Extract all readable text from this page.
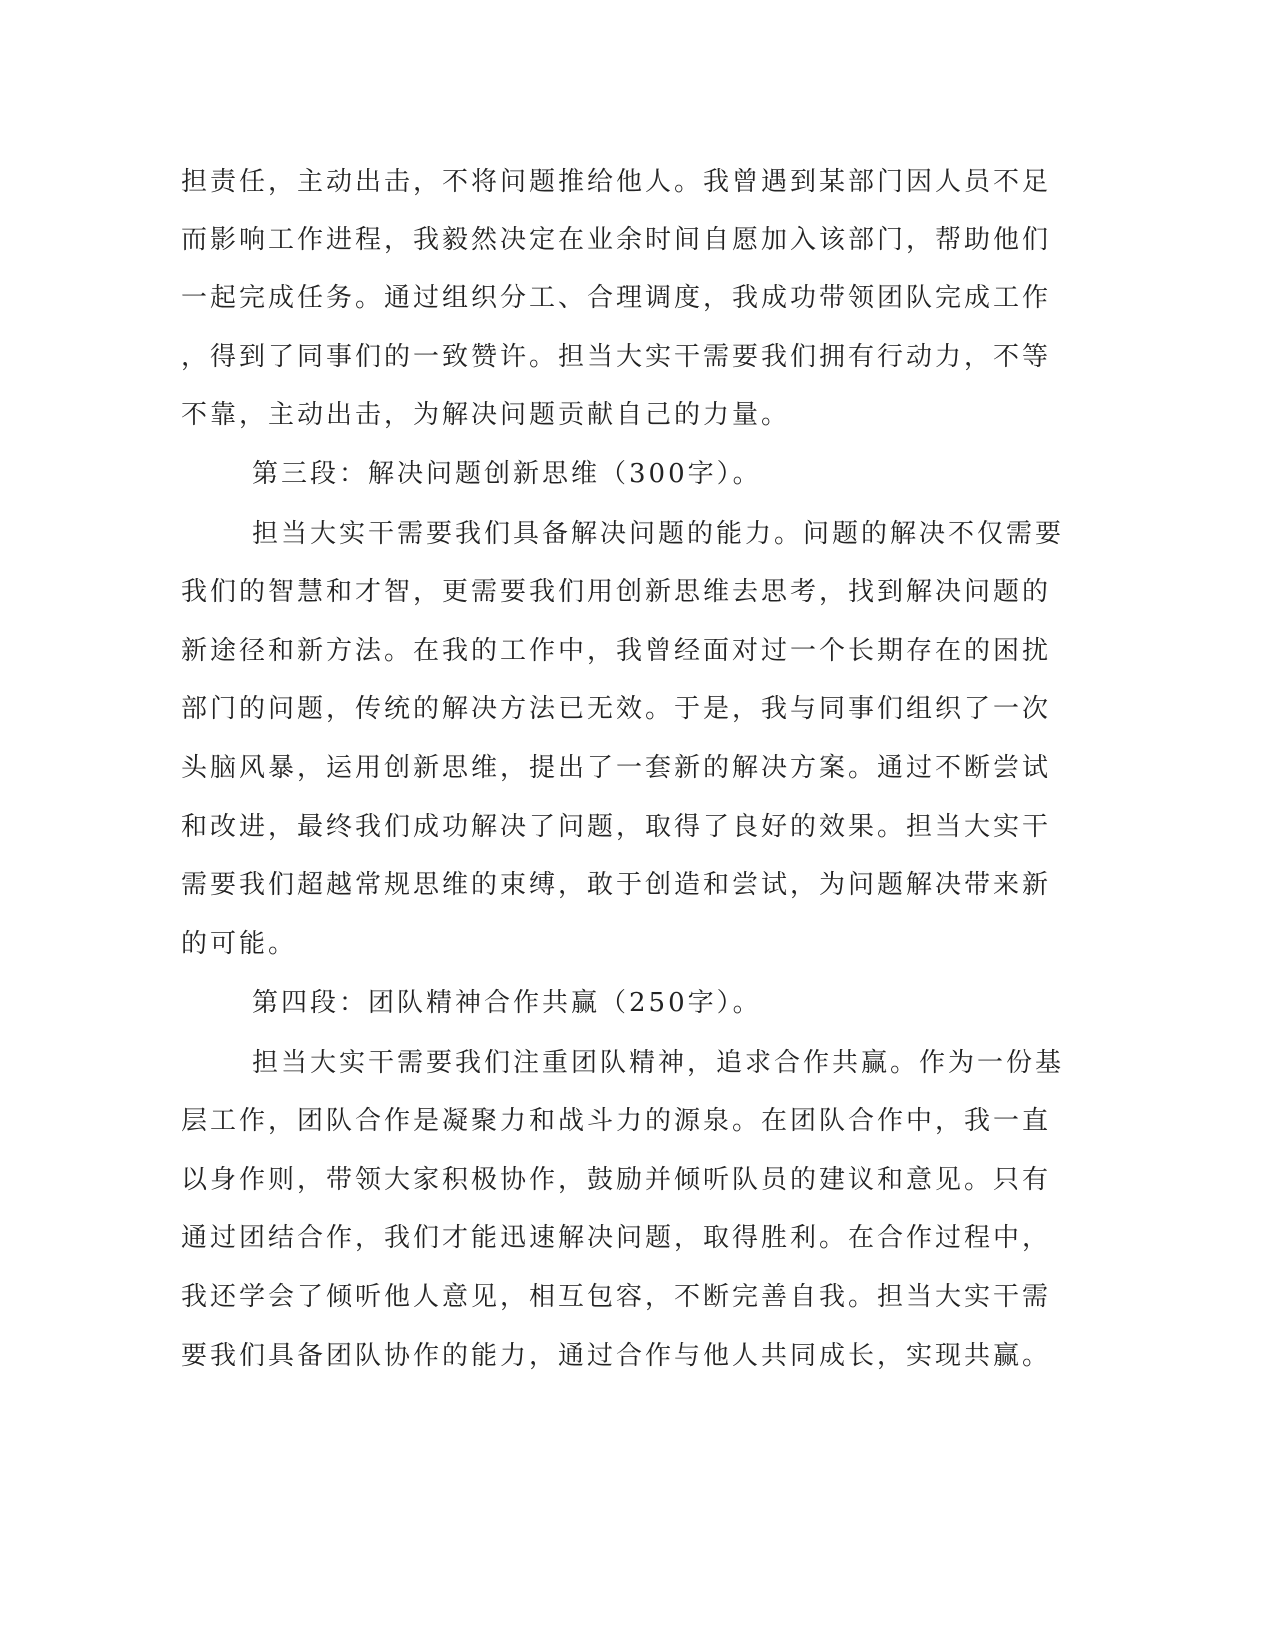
担责任，主动出击，不将问题推给他人。我曾遇到某部门因人员不足
而影响工作进程，我毅然决定在业余时间自愿加入该部门，帮助他们
一起完成任务。通过组织分工、合理调度，我成功带领团队完成工作
，得到了同事们的一致赞许。担当大实干需要我们拥有行动力，不等
不靠，主动出击，为解决问题贡献自己的力量。
第三段：解决问题创新思维（300字）。
担当大实干需要我们具备解决问题的能力。问题的解决不仅需要
我们的智慧和才智，更需要我们用创新思维去思考，找到解决问题的
新途径和新方法。在我的工作中，我曾经面对过一个长期存在的困扰
部门的问题，传统的解决方法已无效。于是，我与同事们组织了一次
头脑风暴，运用创新思维，提出了一套新的解决方案。通过不断尝试
和改进，最终我们成功解决了问题，取得了良好的效果。担当大实干
需要我们超越常规思维的束缚，敢于创造和尝试，为问题解决带来新
的可能。
第四段：团队精神合作共赢（250字）。
担当大实干需要我们注重团队精神，追求合作共赢。作为一份基
层工作，团队合作是凝聚力和战斗力的源泉。在团队合作中，我一直
以身作则，带领大家积极协作，鼓励并倾听队员的建议和意见。只有
通过团结合作，我们才能迅速解决问题，取得胜利。在合作过程中，
我还学会了倾听他人意见，相互包容，不断完善自我。担当大实干需
要我们具备团队协作的能力，通过合作与他人共同成长，实现共赢。
